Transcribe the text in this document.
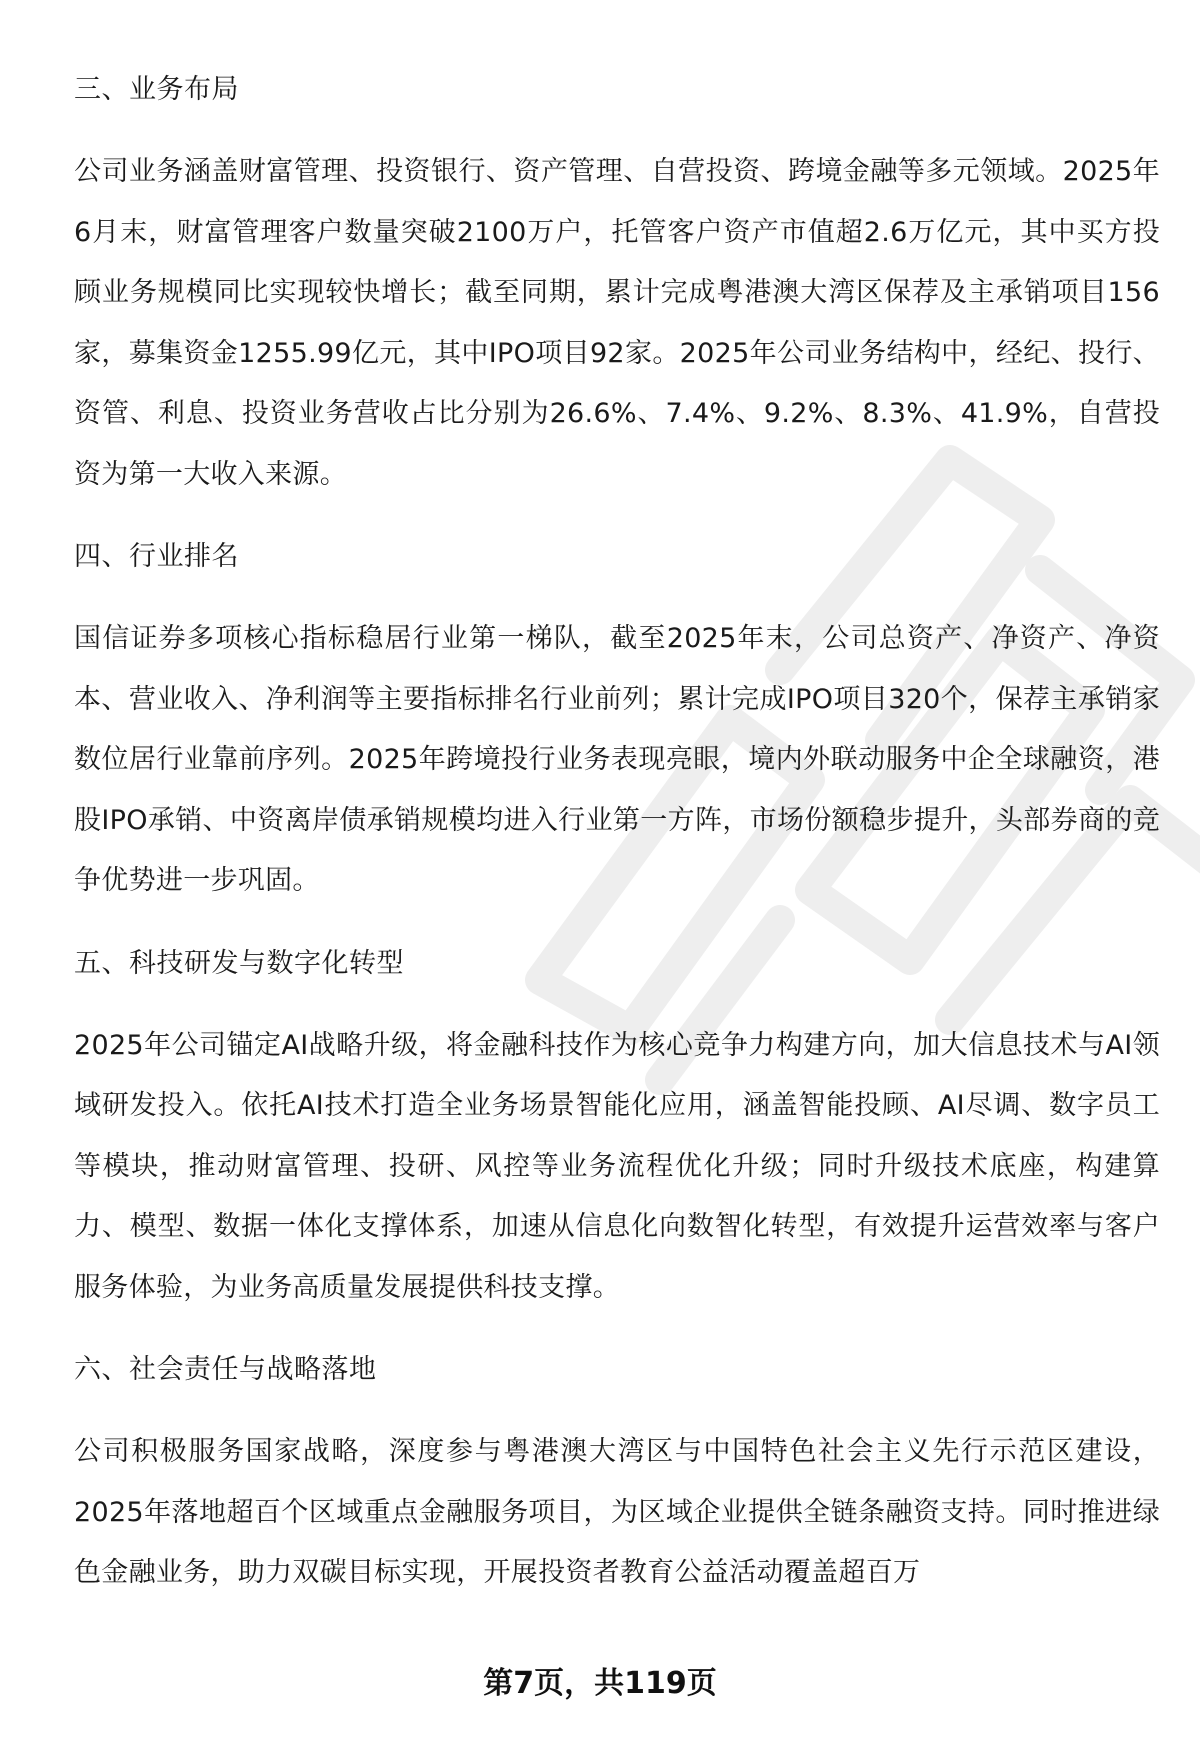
三、业务布局

公司业务涵盖财富管理、投资银行、资产管理、自营投资、跨境金融等多元领域。2025年6月末，财富管理客户数量突破2100万户，托管客户资产市值超2.6万亿元，其中买方投顾业务规模同比实现较快增长；截至同期，累计完成粤港澳大湾区保荐及主承销项目156家，募集资金1255.99亿元，其中IPO项目92家。2025年公司业务结构中，经纪、投行、资管、利息、投资业务营收占比分别为26.6%、7.4%、9.2%、8.3%、41.9%，自营投资为第一大收入来源。

四、行业排名

国信证券多项核心指标稳居行业第一梯队，截至2025年末，公司总资产、净资产、净资本、营业收入、净利润等主要指标排名行业前列；累计完成IPO项目320个，保荐主承销家数位居行业靠前序列。2025年跨境投行业务表现亮眼，境内外联动服务中企全球融资，港股IPO承销、中资离岸债承销规模均进入行业第一方阵，市场份额稳步提升，头部券商的竞争优势进一步巩固。

五、科技研发与数字化转型

2025年公司锚定AI战略升级，将金融科技作为核心竞争力构建方向，加大信息技术与AI领域研发投入。依托AI技术打造全业务场景智能化应用，涵盖智能投顾、AI尽调、数字员工等模块，推动财富管理、投研、风控等业务流程优化升级；同时升级技术底座，构建算力、模型、数据一体化支撑体系，加速从信息化向数智化转型，有效提升运营效率与客户服务体验，为业务高质量发展提供科技支撑。

六、社会责任与战略落地

公司积极服务国家战略，深度参与粤港澳大湾区与中国特色社会主义先行示范区建设，2025年落地超百个区域重点金融服务项目，为区域企业提供全链条融资支持。同时推进绿色金融业务，助力双碳目标实现，开展投资者教育公益活动覆盖超百万

第7页，共119页
